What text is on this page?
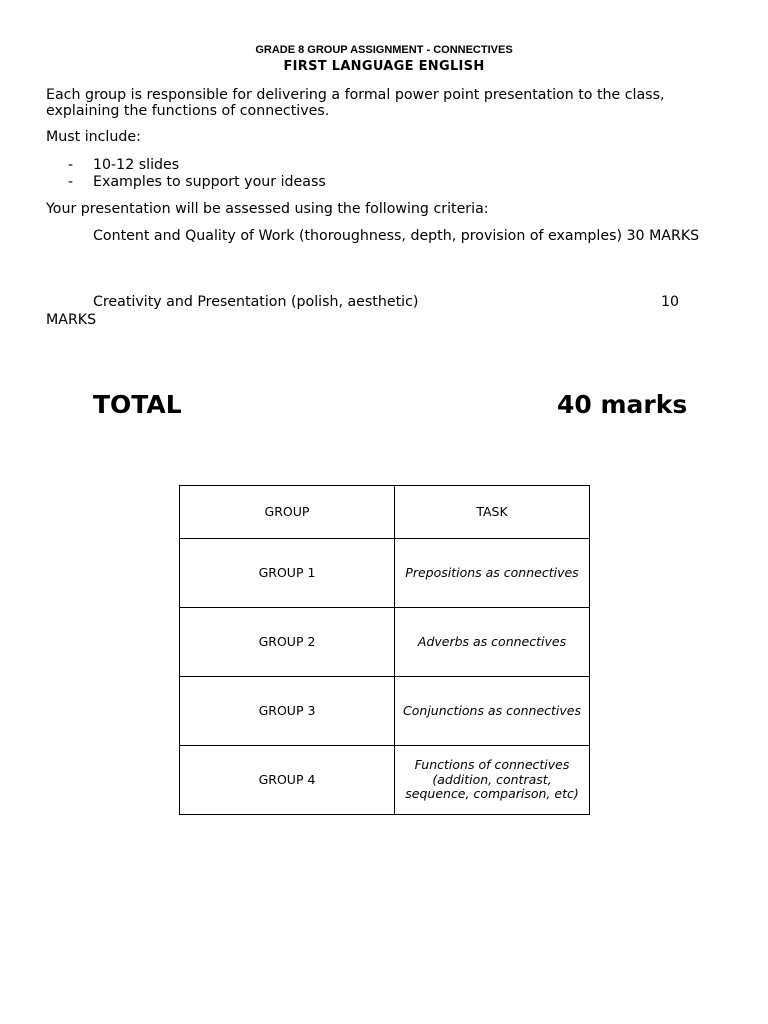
GRADE 8 GROUP ASSIGNMENT - CONNECTIVES
FIRST LANGUAGE ENGLISH
Each group is responsible for delivering a formal power point presentation to the class, explaining the functions of connectives.
Must include:
- 10-12 slides
- Examples to support your ideass
Your presentation will be assessed using the following criteria:
Content and Quality of Work (thoroughness, depth, provision of examples) 30 MARKS
Creativity and Presentation (polish, aesthetic)	10
MARKS
TOTAL	40 marks
GROUP	TASK
GROUP 1	Prepositions as connectives
GROUP 2	Adverbs as connectives
GROUP 3	Conjunctions as connectives
GROUP 4	Functions of connectives (addition, contrast, sequence, comparison, etc)
